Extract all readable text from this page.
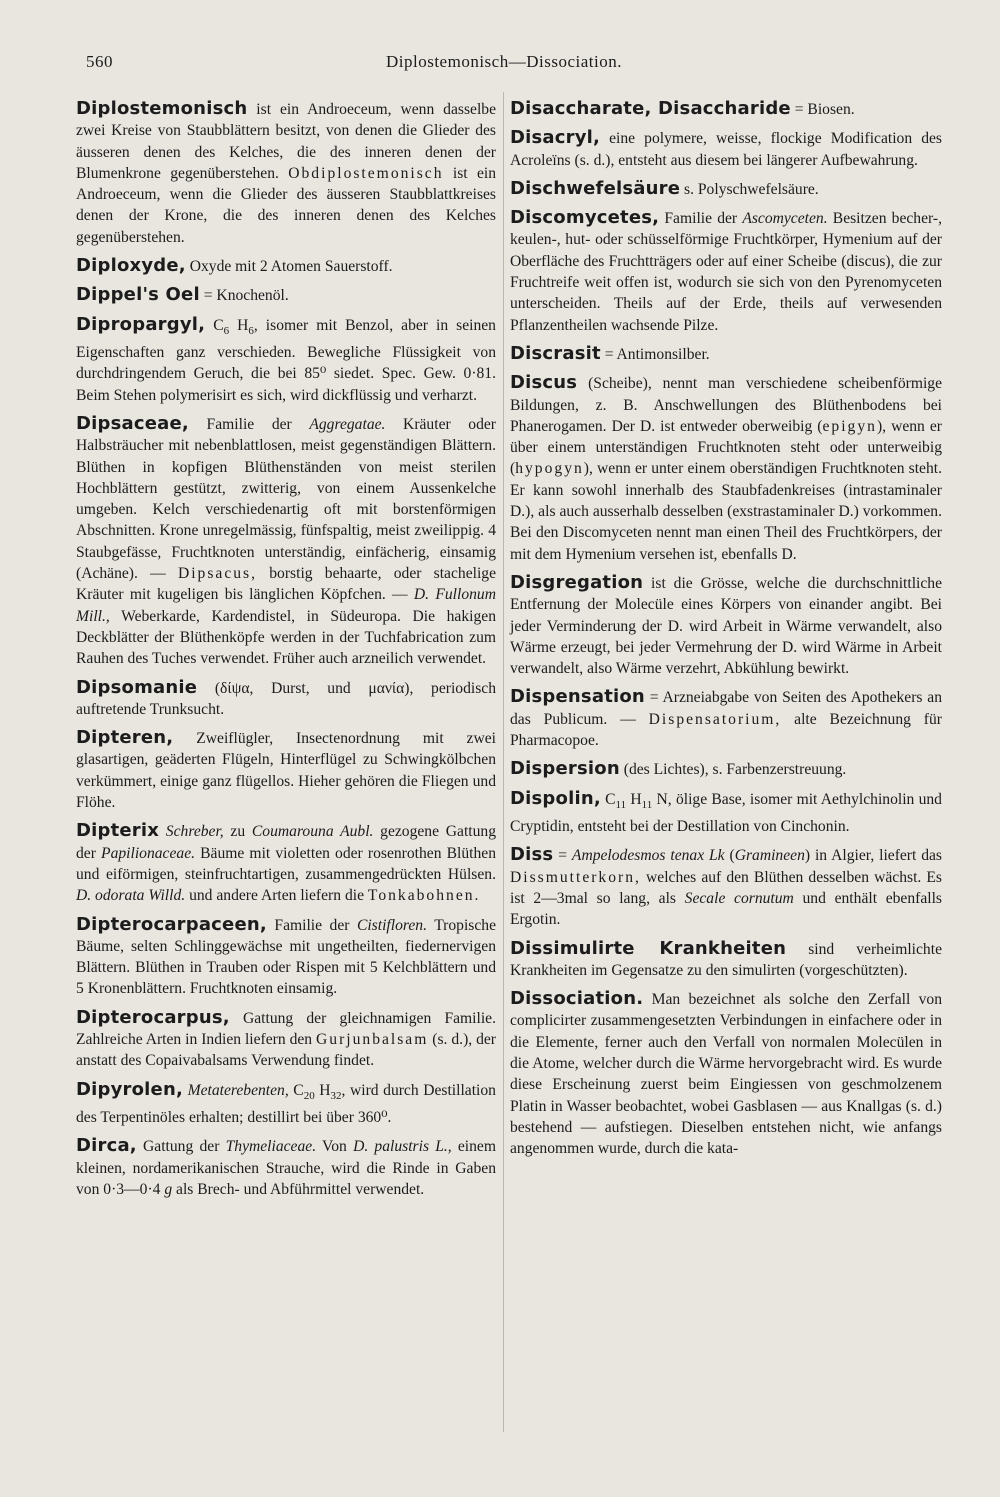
560	Diplostemonisch—Dissociation.

Diplostemonisch ist ein Androeceum, wenn dasselbe zwei Kreise von Staubblättern besitzt, von denen die Glieder des äusseren denen des Kelches, die des inneren denen der Blumenkrone gegenüberstehen. Obdiplostemonisch ist ein Androeceum, wenn die Glieder des äusseren Staubblattkreises denen der Krone, die des inneren denen des Kelches gegenüberstehen.

Diploxyde, Oxyde mit 2 Atomen Sauerstoff.

Dippel's Oel = Knochenöl.

Dipropargyl, $C_6$ $H_6$, isomer mit Benzol, aber in seinen Eigenschaften ganz verschieden. Bewegliche Flüssigkeit von durchdringendem Geruch, die bei 85⁰ siedet. Spec. Gew. 0·81. Beim Stehen polymerisirt es sich, wird dickflüssig und verharzt.

Dipsaceae, Familie der Aggregatae. Kräuter oder Halbsträucher mit nebenblattlosen, meist gegenständigen Blättern. Blüthen in kopfigen Blüthenständen von meist sterilen Hochblättern gestützt, zwitterig, von einem Aussenkelche umgeben. Kelch verschiedenartig oft mit borstenförmigen Abschnitten. Krone unregelmässig, fünfspaltig, meist zweilippig. 4 Staubgefässe, Fruchtknoten unterständig, einfächerig, einsamig (Achäne). — Dipsacus, borstig behaarte, oder stachelige Kräuter mit kugeligen bis länglichen Köpfchen. — D. Fullonum Mill., Weberkarde, Kardendistel, in Südeuropa. Die hakigen Deckblätter der Blüthenköpfe werden in der Tuchfabrication zum Rauhen des Tuches verwendet. Früher auch arzneilich verwendet.

Dipsomanie (δίψα, Durst, und μανία), periodisch auftretende Trunksucht.

Dipteren, Zweiflügler, Insectenordnung mit zwei glasartigen, geäderten Flügeln, Hinterflügel zu Schwingkölbchen verkümmert, einige ganz flügellos. Hieher gehören die Fliegen und Flöhe.

Dipterix Schreber, zu Coumarouna Aubl. gezogene Gattung der Papilionaceae. Bäume mit violetten oder rosenrothen Blüthen und eiförmigen, steinfruchtartigen, zusammengedrückten Hülsen. D. odorata Willd. und andere Arten liefern die Tonkabohnen.

Dipterocarpaceen, Familie der Cistifloren. Tropische Bäume, selten Schlinggewächse mit ungetheilten, fiedernervigen Blättern. Blüthen in Trauben oder Rispen mit 5 Kelchblättern und 5 Kronenblättern. Fruchtknoten einsamig.

Dipterocarpus, Gattung der gleichnamigen Familie. Zahlreiche Arten in Indien liefern den Gurjunbalsam (s. d.), der anstatt des Copaivabalsams Verwendung findet.

Dipyrolen, Metaterebenten, $C_{20}$ $H_{32}$, wird durch Destillation des Terpentinöles erhalten; destillirt bei über 360⁰.

Dirca, Gattung der Thymeliaceae. Von D. palustris L., einem kleinen, nordamerikanischen Strauche, wird die Rinde in Gaben von 0·3—0·4 g als Brech- und Abführmittel verwendet.

Disaccharate, Disaccharide = Biosen.

Disacryl, eine polymere, weisse, flockige Modification des Acroleïns (s. d.), entsteht aus diesem bei längerer Aufbewahrung.

Dischwefelsäure s. Polyschwefelsäure.

Discomycetes, Familie der Ascomyceten. Besitzen becher-, keulen-, hut- oder schüsselförmige Fruchtkörper, Hymenium auf der Oberfläche des Fruchtträgers oder auf einer Scheibe (discus), die zur Fruchtreife weit offen ist, wodurch sie sich von den Pyrenomyceten unterscheiden. Theils auf der Erde, theils auf verwesenden Pflanzentheilen wachsende Pilze.

Discrasit = Antimonsilber.

Discus (Scheibe), nennt man verschiedene scheibenförmige Bildungen, z. B. Anschwellungen des Blüthenbodens bei Phanerogamen. Der D. ist entweder oberweibig (epigyn), wenn er über einem unterständigen Fruchtknoten steht oder unterweibig (hypogyn), wenn er unter einem oberständigen Fruchtknoten steht. Er kann sowohl innerhalb des Staubfadenkreises (intrastaminaler D.), als auch ausserhalb desselben (exstrastaminaler D.) vorkommen. Bei den Discomyceten nennt man einen Theil des Fruchtkörpers, der mit dem Hymenium versehen ist, ebenfalls D.

Disgregation ist die Grösse, welche die durchschnittliche Entfernung der Molecüle eines Körpers von einander angibt. Bei jeder Verminderung der D. wird Arbeit in Wärme verwandelt, also Wärme erzeugt, bei jeder Vermehrung der D. wird Wärme in Arbeit verwandelt, also Wärme verzehrt, Abkühlung bewirkt.

Dispensation = Arzneiabgabe von Seiten des Apothekers an das Publicum. — Dispensatorium, alte Bezeichnung für Pharmacopoe.

Dispersion (des Lichtes), s. Farbenzerstreuung.

Dispolin, $C_{11}$ $H_{11}$ N, ölige Base, isomer mit Aethylchinolin und Cryptidin, entsteht bei der Destillation von Cinchonin.

Diss = Ampelodesmos tenax Lk (Gramineen) in Algier, liefert das Dissmutterkorn, welches auf den Blüthen desselben wächst. Es ist 2—3mal so lang, als Secale cornutum und enthält ebenfalls Ergotin.

Dissimulirte Krankheiten sind verheimlichte Krankheiten im Gegensatze zu den simulirten (vorgeschützten).

Dissociation. Man bezeichnet als solche den Zerfall von complicirter zusammengesetzten Verbindungen in einfachere oder in die Elemente, ferner auch den Verfall von normalen Molecülen in die Atome, welcher durch die Wärme hervorgebracht wird. Es wurde diese Erscheinung zuerst beim Eingiessen von geschmolzenem Platin in Wasser beobachtet, wobei Gasblasen — aus Knallgas (s. d.) bestehend — aufstiegen. Dieselben entstehen nicht, wie anfangs angenommen wurde, durch die kata-
